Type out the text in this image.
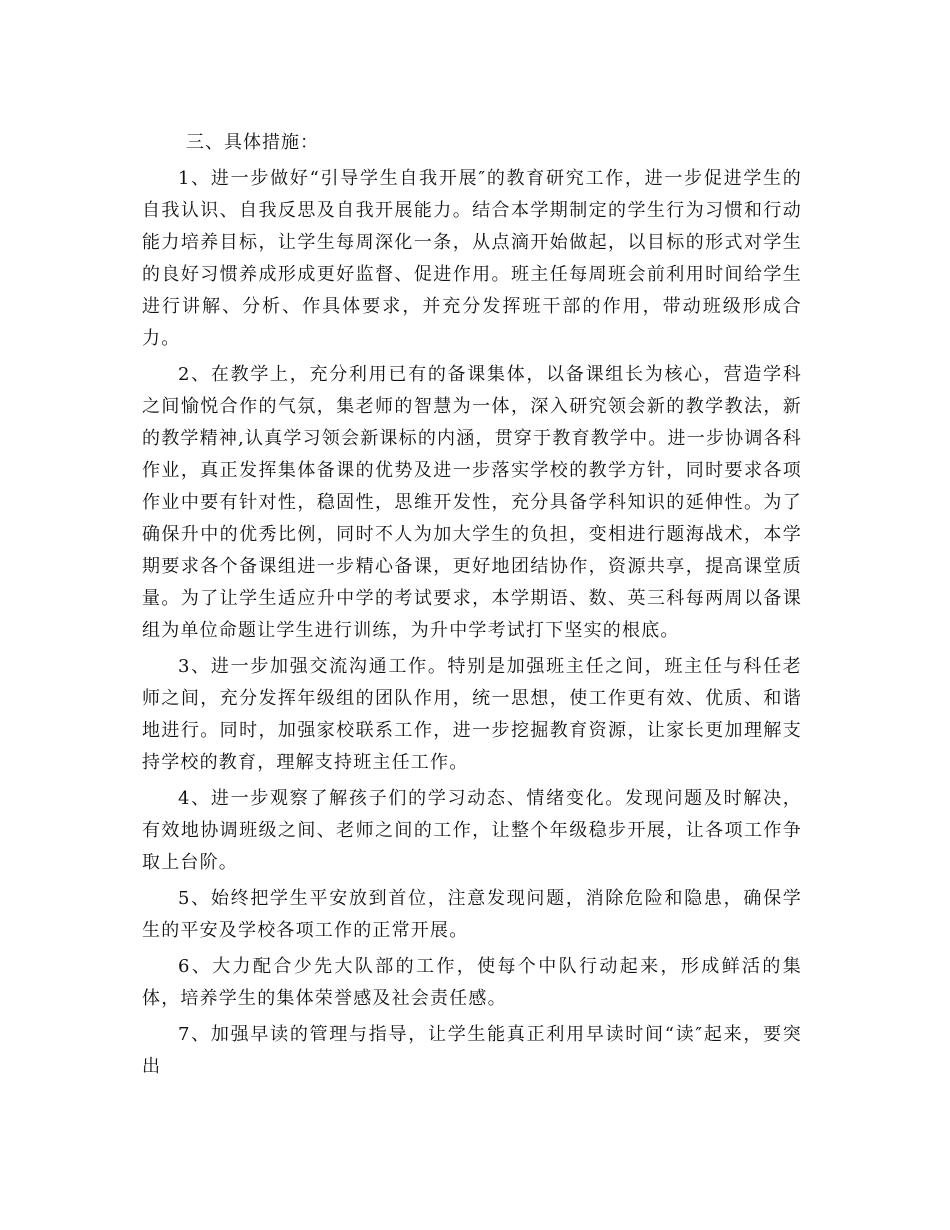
三、具体措施：

1、进一步做好“引导学生自我开展″的教育研究工作，进一步促进学生的自我认识、自我反思及自我开展能力。结合本学期制定的学生行为习惯和行动能力培养目标，让学生每周深化一条，从点滴开始做起，以目标的形式对学生的良好习惯养成形成更好监督、促进作用。班主任每周班会前利用时间给学生进行讲解、分析、作具体要求，并充分发挥班干部的作用，带动班级形成合力。

2、在教学上，充分利用已有的备课集体，以备课组长为核心，营造学科之间愉悦合作的气氛，集老师的智慧为一体，深入研究领会新的教学教法，新的教学精神,认真学习领会新课标的内涵，贯穿于教育教学中。进一步协调各科作业，真正发挥集体备课的优势及进一步落实学校的教学方针，同时要求各项作业中要有针对性，稳固性，思维开发性，充分具备学科知识的延伸性。为了确保升中的优秀比例，同时不人为加大学生的负担，变相进行题海战术，本学期要求各个备课组进一步精心备课，更好地团结协作，资源共享，提高课堂质量。为了让学生适应升中学的考试要求，本学期语、数、英三科每两周以备课组为单位命题让学生进行训练，为升中学考试打下坚实的根底。

3、进一步加强交流沟通工作。特别是加强班主任之间，班主任与科任老师之间，充分发挥年级组的团队作用，统一思想，使工作更有效、优质、和谐地进行。同时，加强家校联系工作，进一步挖掘教育资源，让家长更加理解支持学校的教育，理解支持班主任工作。

4、进一步观察了解孩子们的学习动态、情绪变化。发现问题及时解决，有效地协调班级之间、老师之间的工作，让整个年级稳步开展，让各项工作争取上台阶。

5、始终把学生平安放到首位，注意发现问题，消除危险和隐患，确保学生的平安及学校各项工作的正常开展。

6、大力配合少先大队部的工作，使每个中队行动起来，形成鲜活的集体，培养学生的集体荣誉感及社会责任感。

7、加强早读的管理与指导，让学生能真正利用早读时间“读″起来，要突出
